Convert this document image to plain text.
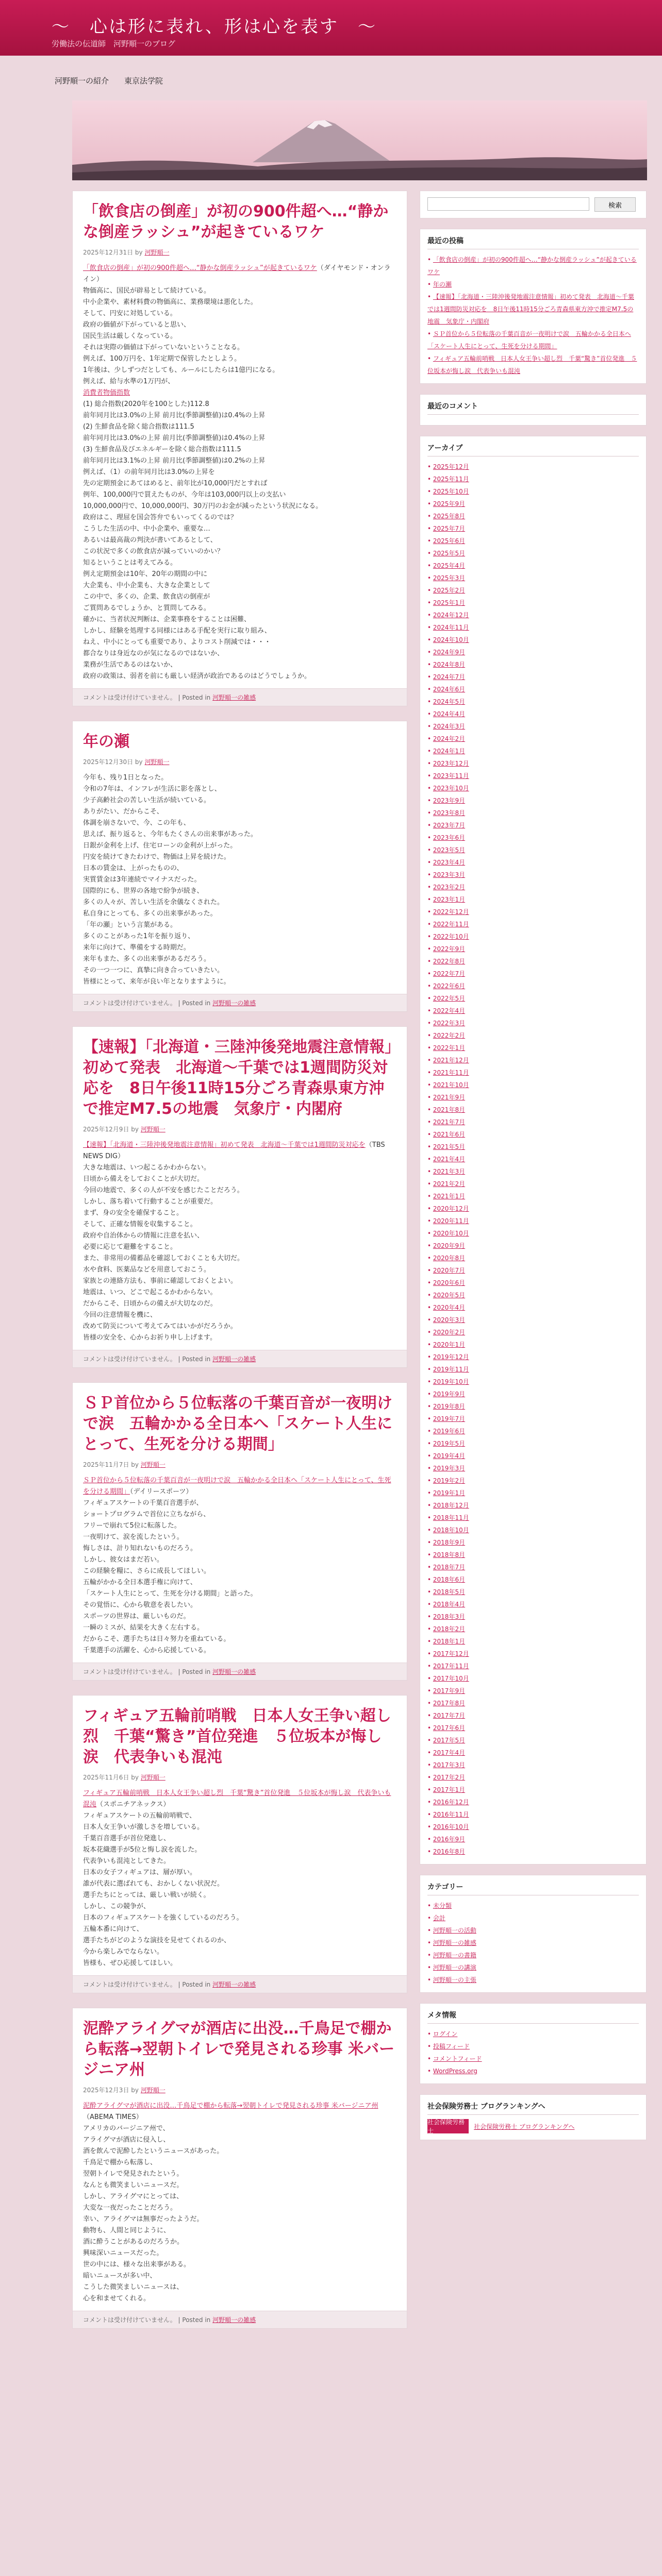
〜　心は形に表れ、形は心を表す　〜
労働法の伝道師　河野順一のブログ
河野順一の紹介	東京法学院
「飲食店の倒産」が初の900件超へ…“静かな倒産ラッシュ”が起きているワケ
2025年12月31日 by 河野順一
「飲食店の倒産」が初の900件超へ…“静かな倒産ラッシュ”が起きているワケ（ダイヤモンド・オンライン）
物価高に、国民が辟易として続けている。
中小企業や、素材料費の物価高に、業務環境は悪化した。
そして、円安に対処している。
政府の価値が下がっていると思い、
国民生活は厳しくなっている。
それは実際の価値は下がっていないということなる。
例えば、100万円を、1年定期で保管したとしよう。
1年後は、少しずつだとしても、ルールにしたらは1億円になる。
例えば、給与水準の1万円が、
消費者物価指数
(1) 総合指数(2020年を100とした)112.8
前年同月比は3.0%の上昇 前月比(季節調整値)は0.4%の上昇
(2) 生鮮食品を除く総合指数は111.5
前年同月比は3.0%の上昇 前月比(季節調整値)は0.4%の上昇
(3) 生鮮食品及びエネルギーを除く総合指数は111.5
前年同月比は3.1%の上昇 前月比(季節調整値)は0.2%の上昇
例えば、（1）の前年同月比は3.0%の上昇を
先の定期預金にあてはめると、前年比が10,000円だとすれば
例年、100,000円で買えたものが、今年は103,000円以上の支払い
10,000,000円で、10,000,000円、30万円のお金が減ったという状況になる。
政府はこ、理屈を国会答弁でもいってくるのでは？
こうした生活の中、中小企業や、重要な…
あるいは最高裁の判決が書いてあるとして、
この状況で多くの飲食店が減っていいのかい？
知るということは考えてみる。
例え定期預金は10年、20年の期間の中に
大企業も、中小企業も、大きな企業として
この中で、多くの、企業、飲食店の倒産が
ご質問あるでしょうか、と質問してみる。
確かに、当者状況判断は、企業事務をすることは困難、
しかし、経験を処理する同様にはある手配を実行に取り組み、
ねえ、中小にとっても重要であり、よりコスト削減では・・・
都合なりは身近なのが気になるのではないか、
業務が生活であるのはないか、
政府の政策は、弱者を前にも厳しい経済が政治であるのはどうでしょうか。
コメントは受け付けていません。 | Posted in 河野順一の雑感
年の瀬
2025年12月30日 by 河野順一
今年も、残り1日となった。
令和の7年は、インフレが生活に影を落とし、
少子高齢社会の苦しい生活が続いている。
ありがたい、だからこそ、
体調を崩さないで、今、この年も、
思えば、振り返ると、今年もたくさんの出来事があった。
日銀が金利を上げ、住宅ローンの金利が上がった。
円安を続けてきたわけで、物価は上昇を続けた。
日本の賃金は、上がったものの、
実質賃金は3年連続でマイナスだった。
国際的にも、世界の各地で紛争が続き、
多くの人々が、苦しい生活を余儀なくされた。
私自身にとっても、多くの出来事があった。
「年の瀬」という言葉がある。
多くのことがあった1年を振り返り、
来年に向けて、準備をする時期だ。
来年もまた、多くの出来事があるだろう。
その一つ一つに、真摯に向き合っていきたい。
皆様にとって、来年が良い年となりますように。
コメントは受け付けていません。 | Posted in 河野順一の雑感
【速報】「北海道・三陸沖後発地震注意情報」初めて発表　北海道〜千葉では1週間防災対応を　8日午後11時15分ごろ青森県東方沖で推定M7.5の地震　気象庁・内閣府
2025年12月9日 by 河野順一
【速報】「北海道・三陸沖後発地震注意情報」初めて発表　北海道〜千葉では1週間防災対応を（TBS NEWS DIG）
大きな地震は、いつ起こるかわからない。
日頃から備えをしておくことが大切だ。
今回の地震で、多くの人が不安を感じたことだろう。
しかし、落ち着いて行動することが重要だ。
まず、身の安全を確保すること。
そして、正確な情報を収集すること。
政府や自治体からの情報に注意を払い、
必要に応じて避難をすること。
また、非常用の備蓄品を確認しておくことも大切だ。
水や食料、医薬品などを用意しておこう。
家族との連絡方法も、事前に確認しておくとよい。
地震は、いつ、どこで起こるかわからない。
だからこそ、日頃からの備えが大切なのだ。
今回の注意情報を機に、
改めて防災について考えてみてはいかがだろうか。
皆様の安全を、心からお祈り申し上げます。
コメントは受け付けていません。 | Posted in 河野順一の雑感
ＳＰ首位から５位転落の千葉百音が一夜明けで涙　五輪かかる全日本へ「スケート人生にとって、生死を分ける期間」
2025年11月7日 by 河野順一
ＳＰ首位から５位転落の千葉百音が一夜明けで涙　五輪かかる全日本へ「スケート人生にとって、生死を分ける期間」（デイリースポーツ）
フィギュアスケートの千葉百音選手が、
ショートプログラムで首位に立ちながら、
フリーで崩れて5位に転落した。
一夜明けて、涙を流したという。
悔しさは、計り知れないものだろう。
しかし、彼女はまだ若い。
この経験を糧に、さらに成長してほしい。
五輪がかかる全日本選手権に向けて、
「スケート人生にとって、生死を分ける期間」と語った。
その覚悟に、心から敬意を表したい。
スポーツの世界は、厳しいものだ。
一瞬のミスが、結果を大きく左右する。
だからこそ、選手たちは日々努力を重ねている。
千葉選手の活躍を、心から応援している。
コメントは受け付けていません。 | Posted in 河野順一の雑感
フィギュア五輪前哨戦　日本人女王争い超し烈　千葉“驚き”首位発進　５位坂本が悔し涙　代表争いも混沌
2025年11月6日 by 河野順一
フィギュア五輪前哨戦　日本人女王争い超し烈　千葉“驚き”首位発進　５位坂本が悔し涙　代表争いも混沌（スポニチアネックス）
フィギュアスケートの五輪前哨戦で、
日本人女王争いが激しさを増している。
千葉百音選手が首位発進し、
坂本花織選手が5位と悔し涙を流した。
代表争いも混沌としてきた。
日本の女子フィギュアは、層が厚い。
誰が代表に選ばれても、おかしくない状況だ。
選手たちにとっては、厳しい戦いが続く。
しかし、この競争が、
日本のフィギュアスケートを強くしているのだろう。
五輪本番に向けて、
選手たちがどのような演技を見せてくれるのか、
今から楽しみでならない。
皆様も、ぜひ応援してほしい。
コメントは受け付けていません。 | Posted in 河野順一の雑感
泥酔アライグマが酒店に出没…千鳥足で棚から転落→翌朝トイレで発見される珍事 米バージニア州
2025年12月3日 by 河野順一
泥酔アライグマが酒店に出没…千鳥足で棚から転落→翌朝トイレで発見される珍事 米バージニア州（ABEMA TIMES）
アメリカのバージニア州で、
アライグマが酒店に侵入し、
酒を飲んで泥酔したというニュースがあった。
千鳥足で棚から転落し、
翌朝トイレで発見されたという。
なんとも微笑ましいニュースだ。
しかし、アライグマにとっては、
大変な一夜だったことだろう。
幸い、アライグマは無事だったようだ。
動物も、人間と同じように、
酒に酔うことがあるのだろうか。
興味深いニュースだった。
世の中には、様々な出来事がある。
暗いニュースが多い中、
こうした微笑ましいニュースは、
心を和ませてくれる。
コメントは受け付けていません。 | Posted in 河野順一の雑感
検索
最近の投稿
• 「飲食店の倒産」が初の900件超へ…“静かな倒産ラッシュ”が起きているワケ
• 年の瀬
• 【速報】「北海道・三陸沖後発地震注意情報」初めて発表　北海道〜千葉では1週間防災対応を　8日午後11時15分ごろ青森県東方沖で推定M7.5の地震　気象庁・内閣府
• ＳＰ首位から５位転落の千葉百音が一夜明けで涙　五輪かかる全日本へ「スケート人生にとって、生死を分ける期間」
• フィギュア五輪前哨戦　日本人女王争い超し烈　千葉“驚き”首位発進　５位坂本が悔し涙　代表争いも混沌
最近のコメント
アーカイブ
• 2025年12月
• 2025年11月
• 2025年10月
• 2025年9月
• 2025年8月
• 2025年7月
• 2025年6月
• 2025年5月
• 2025年4月
• 2025年3月
• 2025年2月
• 2025年1月
• 2024年12月
• 2024年11月
• 2024年10月
• 2024年9月
• 2024年8月
• 2024年7月
• 2024年6月
• 2024年5月
• 2024年4月
• 2024年3月
• 2024年2月
• 2024年1月
• 2023年12月
• 2023年11月
• 2023年10月
• 2023年9月
• 2023年8月
• 2023年7月
• 2023年6月
• 2023年5月
• 2023年4月
• 2023年3月
• 2023年2月
• 2023年1月
• 2022年12月
• 2022年11月
• 2022年10月
• 2022年9月
• 2022年8月
• 2022年7月
• 2022年6月
• 2022年5月
• 2022年4月
• 2022年3月
• 2022年2月
• 2022年1月
• 2021年12月
• 2021年11月
• 2021年10月
• 2021年9月
• 2021年8月
• 2021年7月
• 2021年6月
• 2021年5月
• 2021年4月
• 2021年3月
• 2021年2月
• 2021年1月
• 2020年12月
• 2020年11月
• 2020年10月
• 2020年9月
• 2020年8月
• 2020年7月
• 2020年6月
• 2020年5月
• 2020年4月
• 2020年3月
• 2020年2月
• 2020年1月
• 2019年12月
• 2019年11月
• 2019年10月
• 2019年9月
• 2019年8月
• 2019年7月
• 2019年6月
• 2019年5月
• 2019年4月
• 2019年3月
• 2019年2月
• 2019年1月
• 2018年12月
• 2018年11月
• 2018年10月
• 2018年9月
• 2018年8月
• 2018年7月
• 2018年6月
• 2018年5月
• 2018年4月
• 2018年3月
• 2018年2月
• 2018年1月
• 2017年12月
• 2017年11月
• 2017年10月
• 2017年9月
• 2017年8月
• 2017年7月
• 2017年6月
• 2017年5月
• 2017年4月
• 2017年3月
• 2017年2月
• 2017年1月
• 2016年12月
• 2016年11月
• 2016年10月
• 2016年9月
• 2016年8月
カテゴリー
• 未分類
• 会計
• 河野順一の活動
• 河野順一の雑感
• 河野順一の書籍
• 河野順一の講演
• 河野順一の主張
メタ情報
• ログイン
• 投稿フィード
• コメントフィード
• WordPress.org
社会保険労務士 ブログランキングへ
社会保険労務士
社会保険労務士 ブログランキングへ
